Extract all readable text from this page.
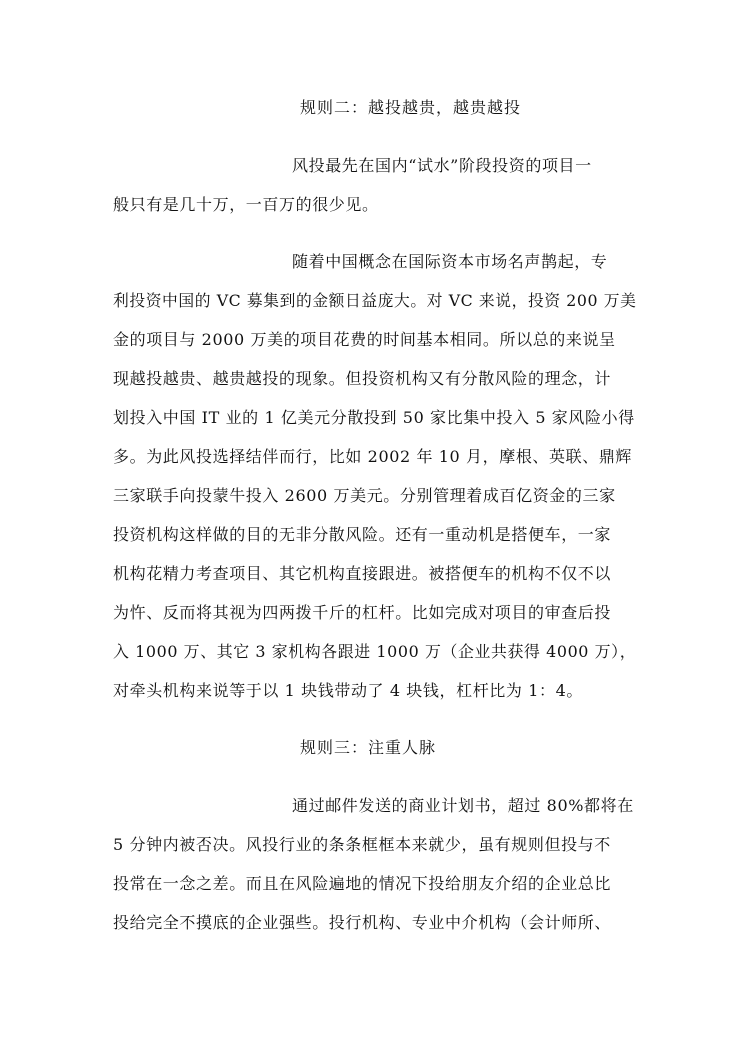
规则二：越投越贵，越贵越投
风投最先在国内“试水”阶段投资的项目一
般只有是几十万，一百万的很少见。
随着中国概念在国际资本市场名声鹊起，专
利投资中国的 VC 募集到的金额日益庞大。对 VC 来说，投资 200 万美
金的项目与 2000 万美的项目花费的时间基本相同。所以总的来说呈
现越投越贵、越贵越投的现象。但投资机构又有分散风险的理念，计
划投入中国 IT 业的 1 亿美元分散投到 50 家比集中投入 5 家风险小得
多。为此风投选择结伴而行，比如 2002 年 10 月，摩根、英联、鼎辉
三家联手向投蒙牛投入 2600 万美元。分别管理着成百亿资金的三家
投资机构这样做的目的无非分散风险。还有一重动机是搭便车，一家
机构花精力考查项目、其它机构直接跟进。被搭便车的机构不仅不以
为忤、反而将其视为四两拨千斤的杠杆。比如完成对项目的审查后投
入 1000 万、其它 3 家机构各跟进 1000 万（企业共获得 4000 万），
对牵头机构来说等于以 1 块钱带动了 4 块钱，杠杆比为 1：4。
规则三：注重人脉
通过邮件发送的商业计划书，超过 80%都将在
5 分钟内被否决。风投行业的条条框框本来就少，虽有规则但投与不
投常在一念之差。而且在风险遍地的情况下投给朋友介绍的企业总比
投给完全不摸底的企业强些。投行机构、专业中介机构（会计师所、
